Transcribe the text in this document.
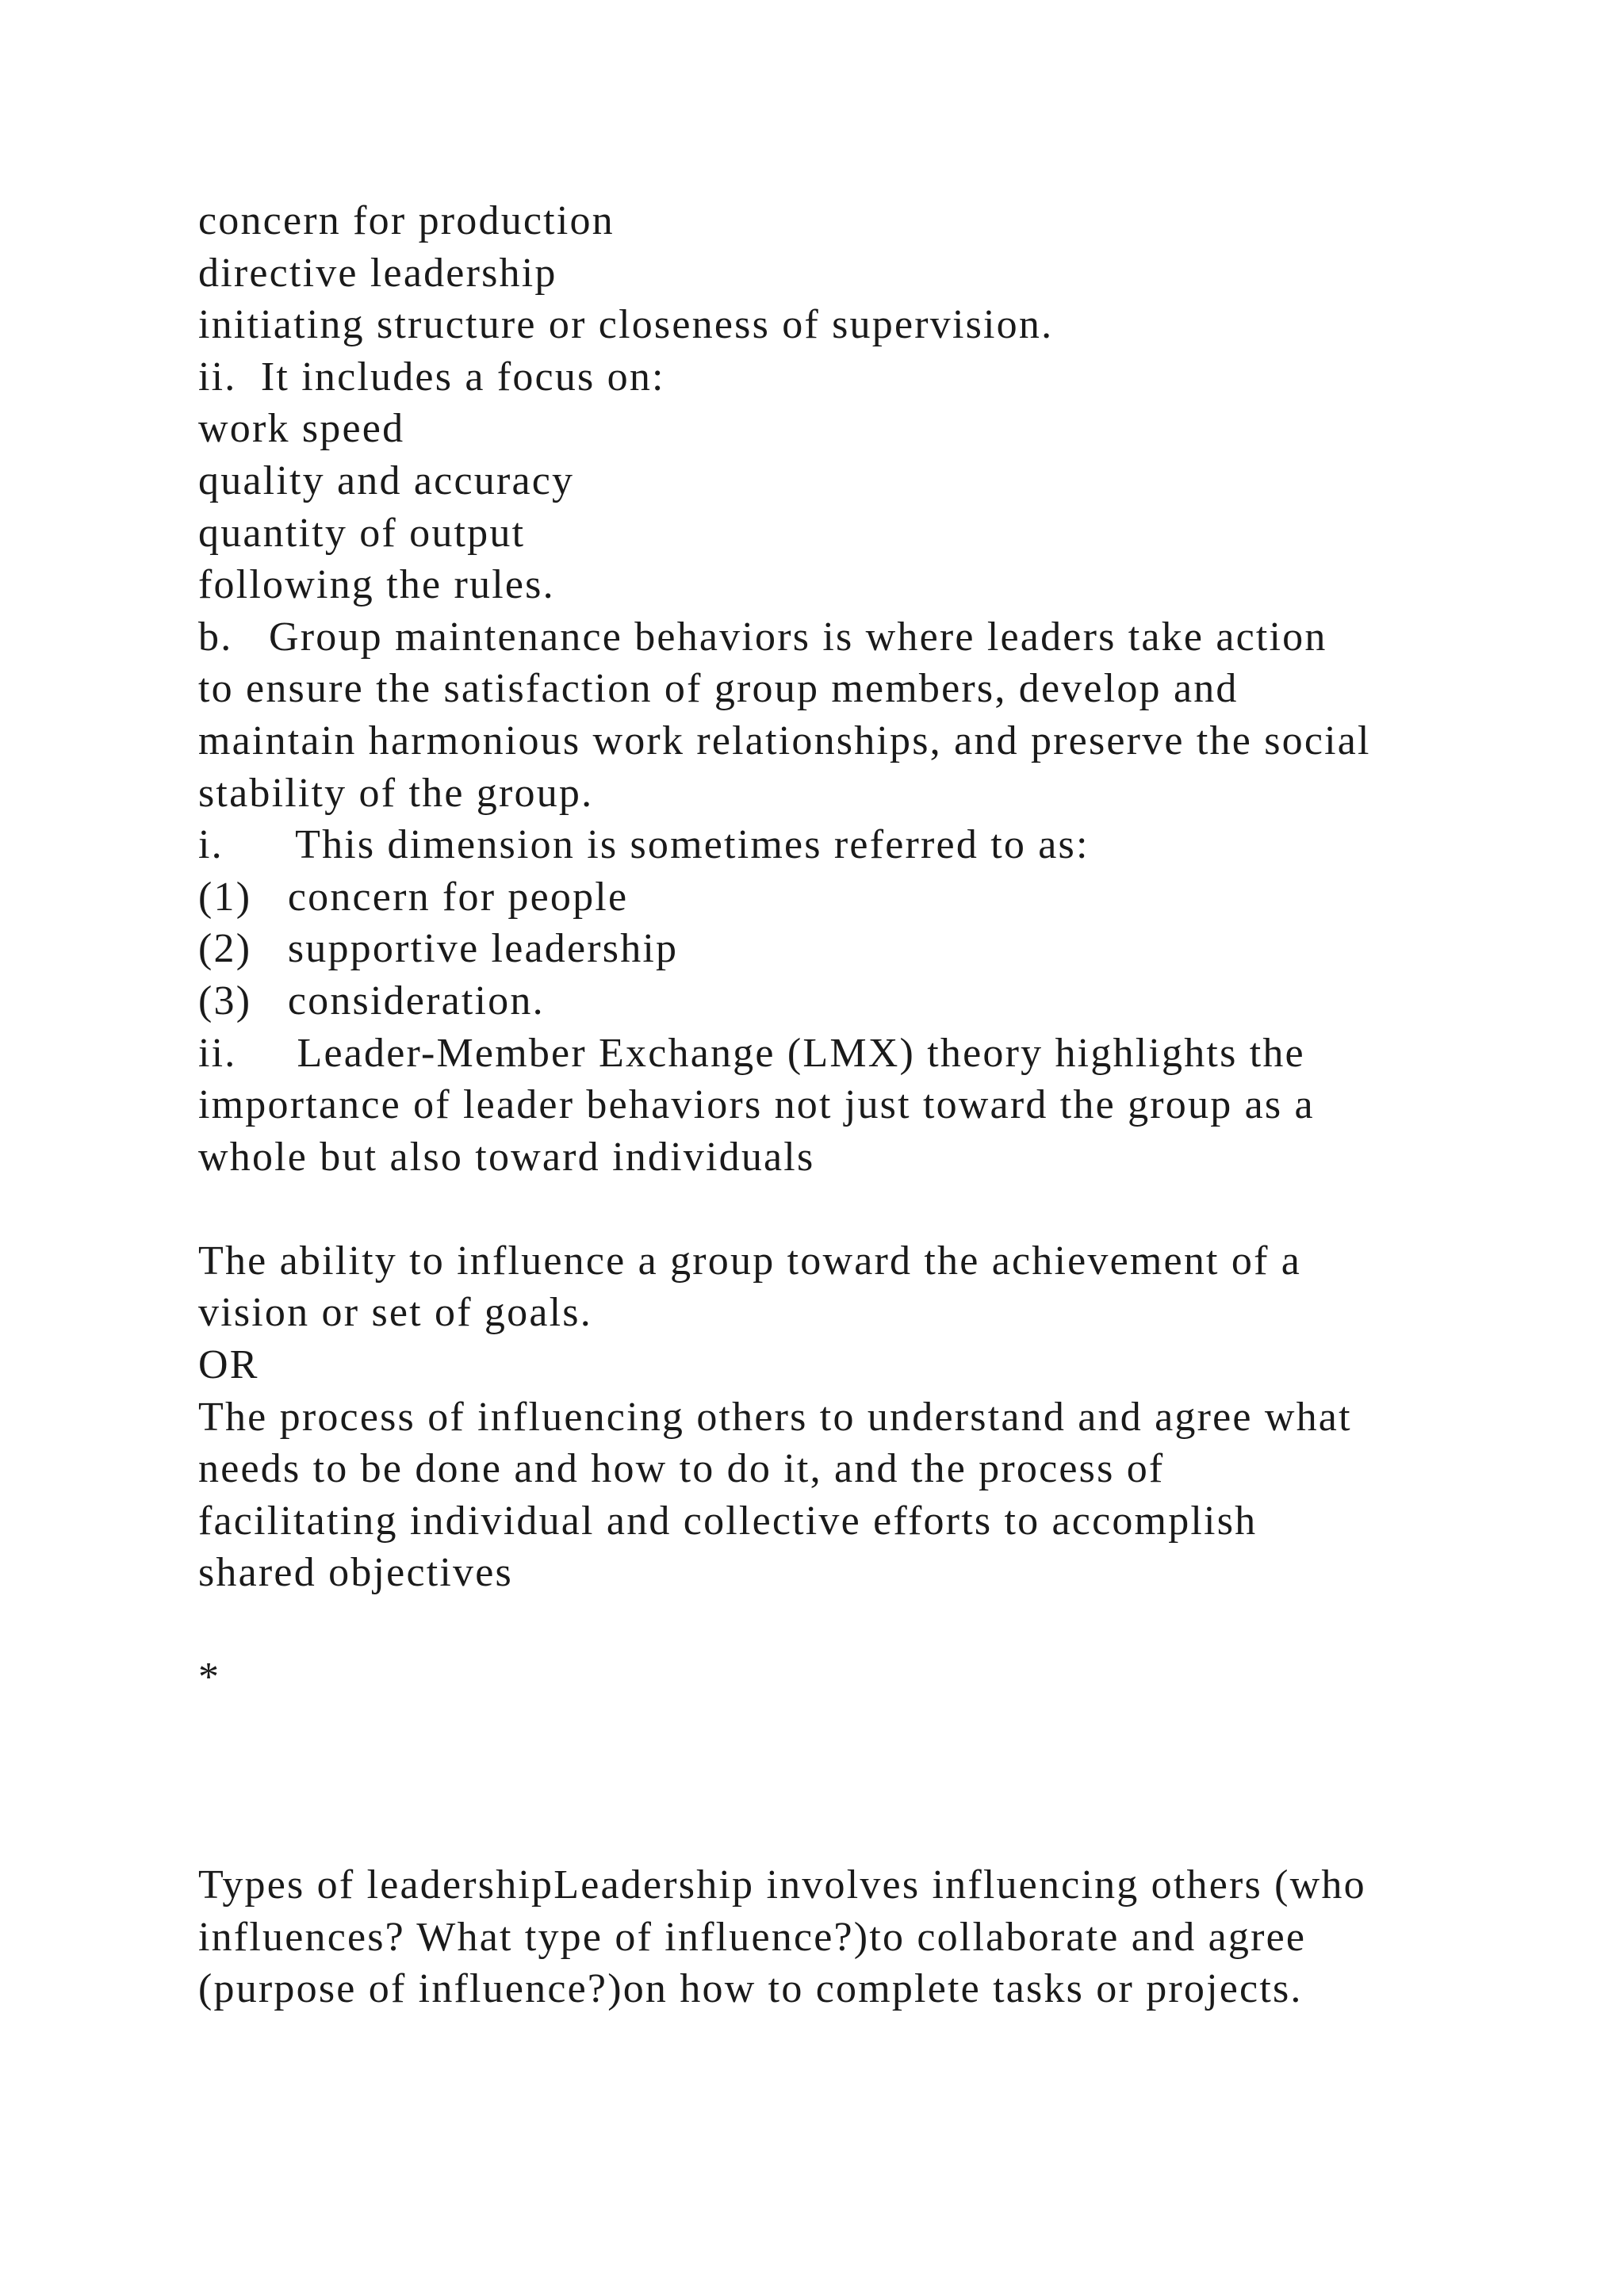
concern for production
directive leadership
initiating structure or closeness of supervision.
ii.  It includes a focus on:
work speed
quality and accuracy
quantity of output
following the rules.
b.   Group maintenance behaviors is where leaders take action
to ensure the satisfaction of group members, develop and
maintain harmonious work relationships, and preserve the social
stability of the group.
i.      This dimension is sometimes referred to as:
(1)   concern for people
(2)   supportive leadership
(3)   consideration.
ii.     Leader-Member Exchange (LMX) theory highlights the
importance of leader behaviors not just toward the group as a
whole but also toward individuals
The ability to influence a group toward the achievement of a
vision or set of goals.
OR
The process of influencing others to understand and agree what
needs to be done and how to do it, and the process of
facilitating individual and collective efforts to accomplish
shared objectives
*
Types of leadershipLeadership involves influencing others (who
influences? What type of influence?)to collaborate and agree
(purpose of influence?)on how to complete tasks or projects.
